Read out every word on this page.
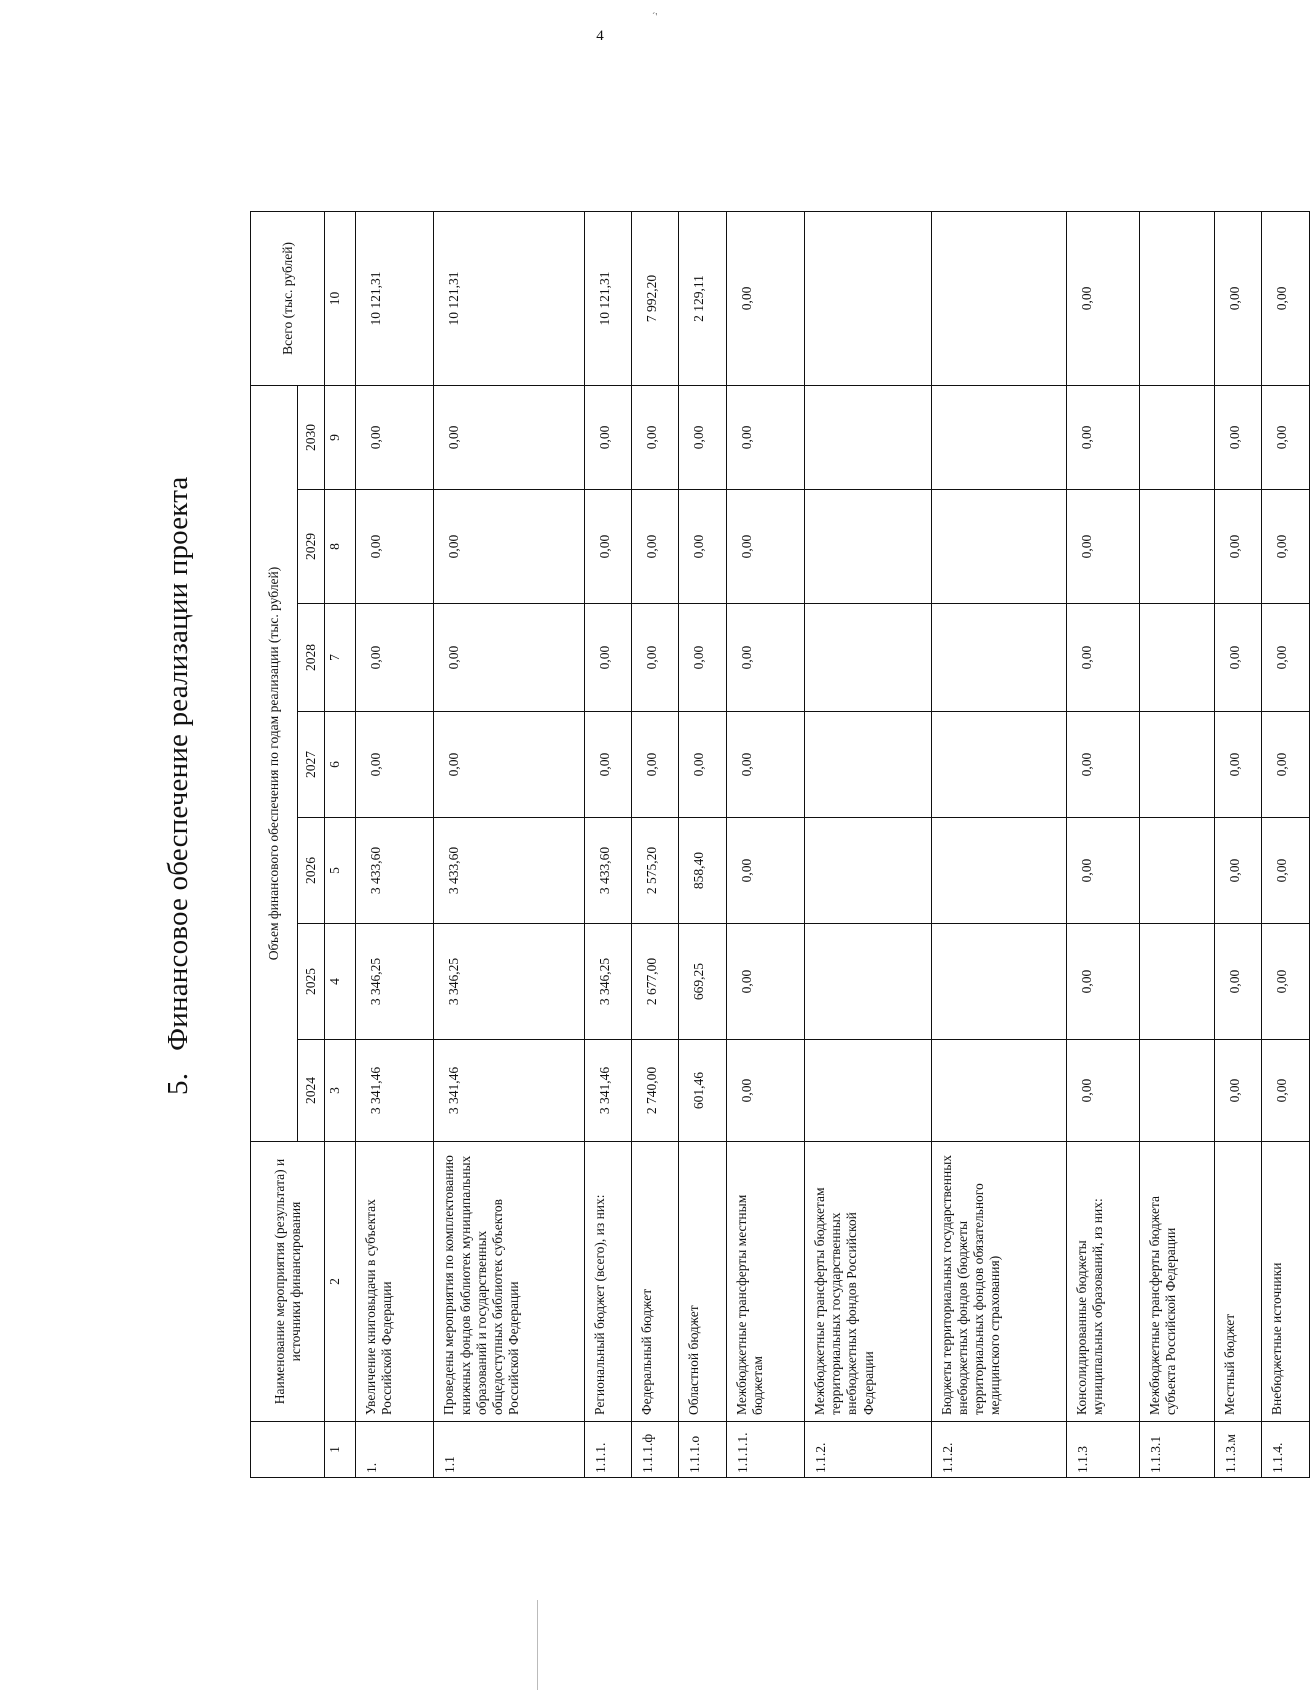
4
ˊ'
5.Финансовое обеспечение реализации проекта
	Наименование мероприятия (результата) и источники финансирования	Объем финансового обеспечения по годам реализации (тыс. рублей)							Всего (тыс. рублей)
		2024	2025	2026	2027	2028	2029	2030	
1	2	3	4	5	6	7	8	9	10
1.	Увеличение книговыдачи в субъектах Российской Федерации	3 341,46	3 346,25	3 433,60	0,00	0,00	0,00	0,00	10 121,31
1.1	Проведены мероприятия по комплектованию книжных фондов библиотек муниципальных образований и государственных общедоступных библиотек субъектов Российской Федерации	3 341,46	3 346,25	3 433,60	0,00	0,00	0,00	0,00	10 121,31
1.1.1.	Региональный бюджет (всего), из них:	3 341,46	3 346,25	3 433,60	0,00	0,00	0,00	0,00	10 121,31
1.1.1.ф	Федеральный бюджет	2 740,00	2 677,00	2 575,20	0,00	0,00	0,00	0,00	7 992,20
1.1.1.о	Областной бюджет	601,46	669,25	858,40	0,00	0,00	0,00	0,00	2 129,11
1.1.1.1.	Межбюджетные трансферты местным бюджетам	0,00	0,00	0,00	0,00	0,00	0,00	0,00	0,00
1.1.2.	Межбюджетные трансферты бюджетам территориальных государственных внебюджетных фондов Российской Федерации								
1.1.2.	Бюджеты территориальных государственных внебюджетных фондов (бюджеты территориальных фондов обязательного медицинского страхования)								
1.1.3	Консолидированные бюджеты муниципальных образований, из них:	0,00	0,00	0,00	0,00	0,00	0,00	0,00	0,00
1.1.3.1	Межбюджетные трансферты бюджета субъекта Российской Федерации								
1.1.3.м	Местный бюджет	0,00	0,00	0,00	0,00	0,00	0,00	0,00	0,00
1.1.4.	Внебюджетные источники	0,00	0,00	0,00	0,00	0,00	0,00	0,00	0,00
